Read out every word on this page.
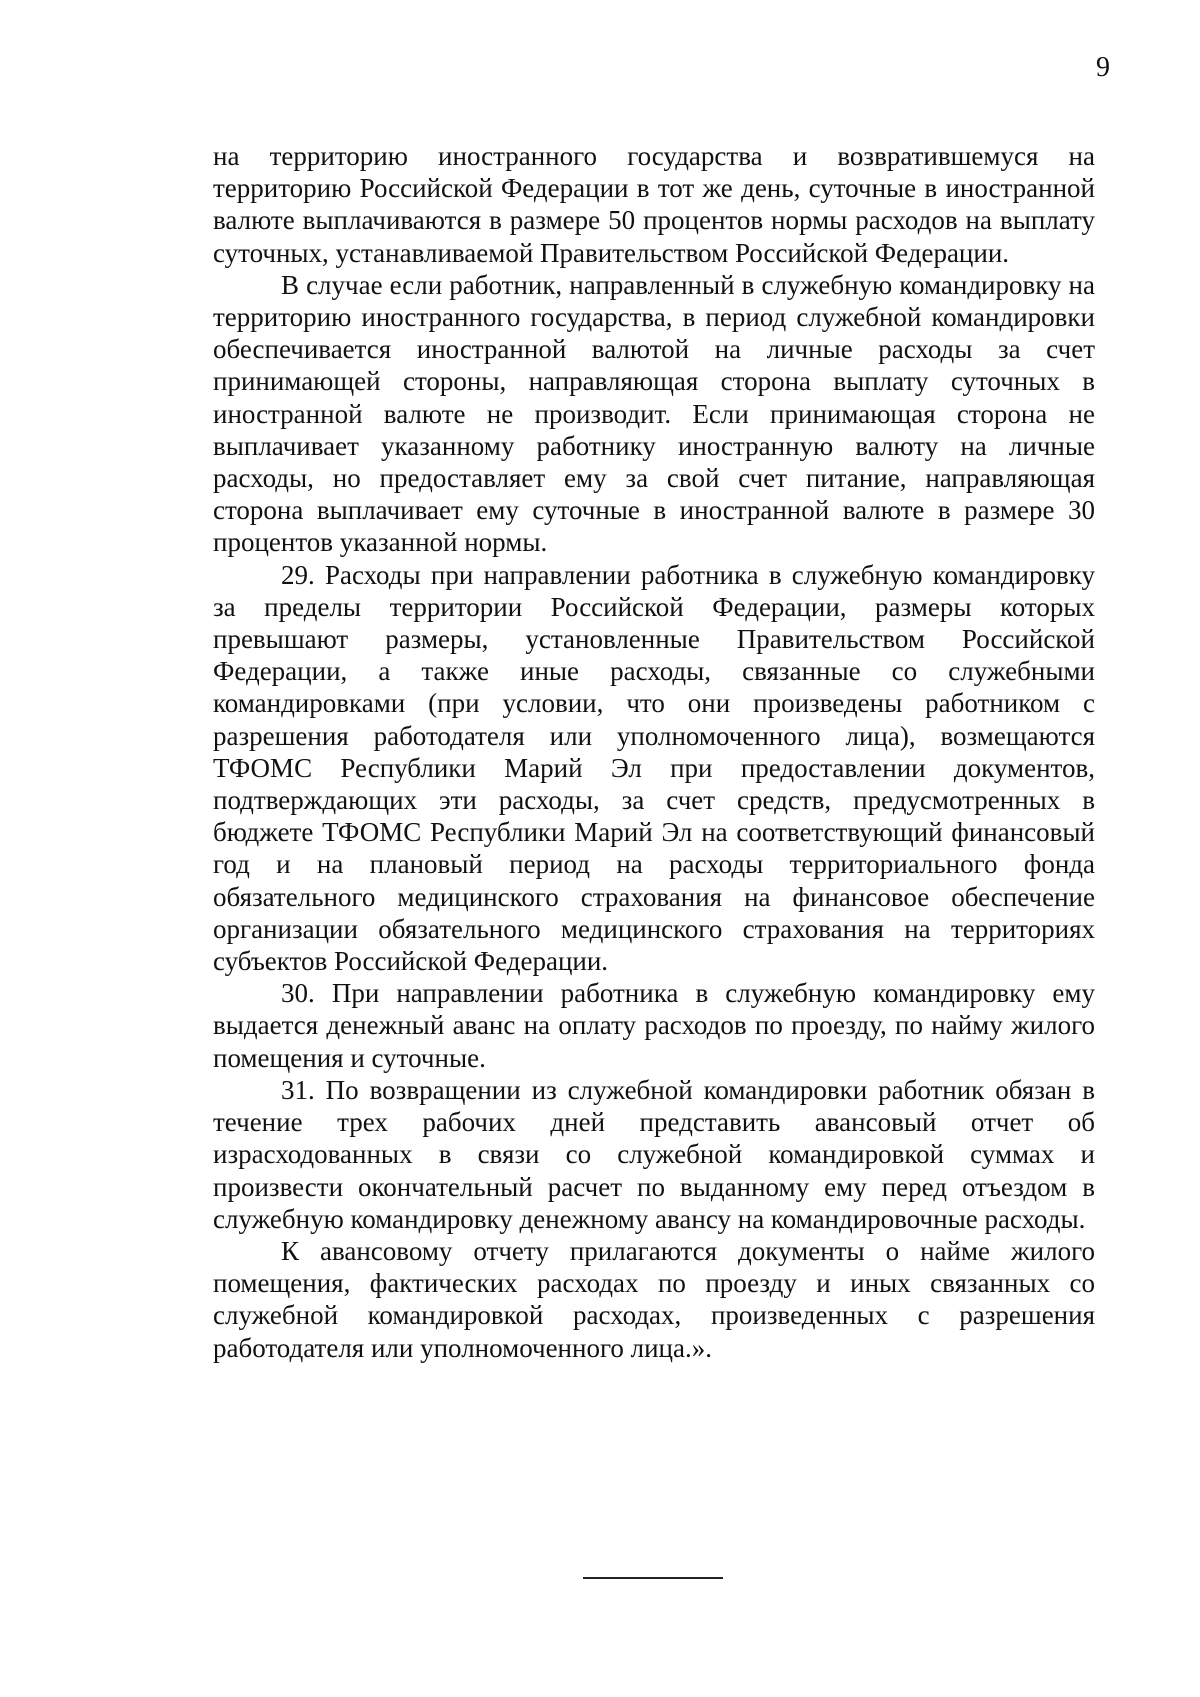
9

на территорию иностранного государства и возвратившемуся на территорию Российской Федерации в тот же день, суточные в иностранной валюте выплачиваются в размере 50 процентов нормы расходов на выплату суточных, устанавливаемой Правительством Российской Федерации.

В случае если работник, направленный в служебную командировку на территорию иностранного государства, в период служебной командировки обеспечивается иностранной валютой на личные расходы за счет принимающей стороны, направляющая сторона выплату суточных в иностранной валюте не производит. Если принимающая сторона не выплачивает указанному работнику иностранную валюту на личные расходы, но предоставляет ему за свой счет питание, направляющая сторона выплачивает ему суточные в иностранной валюте в размере 30 процентов указанной нормы.

29. Расходы при направлении работника в служебную командировку за пределы территории Российской Федерации, размеры которых превышают размеры, установленные Правительством Российской Федерации, а также иные расходы, связанные со служебными командировками (при условии, что они произведены работником с разрешения работодателя или уполномоченного лица), возмещаются ТФОМС Республики Марий Эл при предоставлении документов, подтверждающих эти расходы, за счет средств, предусмотренных в бюджете ТФОМС Республики Марий Эл на соответствующий финансовый год и на плановый период на расходы территориального фонда обязательного медицинского страхования на финансовое обеспечение организации обязательного медицинского страхования на территориях субъектов Российской Федерации.

30. При направлении работника в служебную командировку ему выдается денежный аванс на оплату расходов по проезду, по найму жилого помещения и суточные.

31. По возвращении из служебной командировки работник обязан в течение трех рабочих дней представить авансовый отчет об израсходованных в связи со служебной командировкой суммах и произвести окончательный расчет по выданному ему перед отъездом в служебную командировку денежному авансу на командировочные расходы.

К авансовому отчету прилагаются документы о найме жилого помещения, фактических расходах по проезду и иных связанных со служебной командировкой расходах, произведенных с разрешения работодателя или уполномоченного лица.».
